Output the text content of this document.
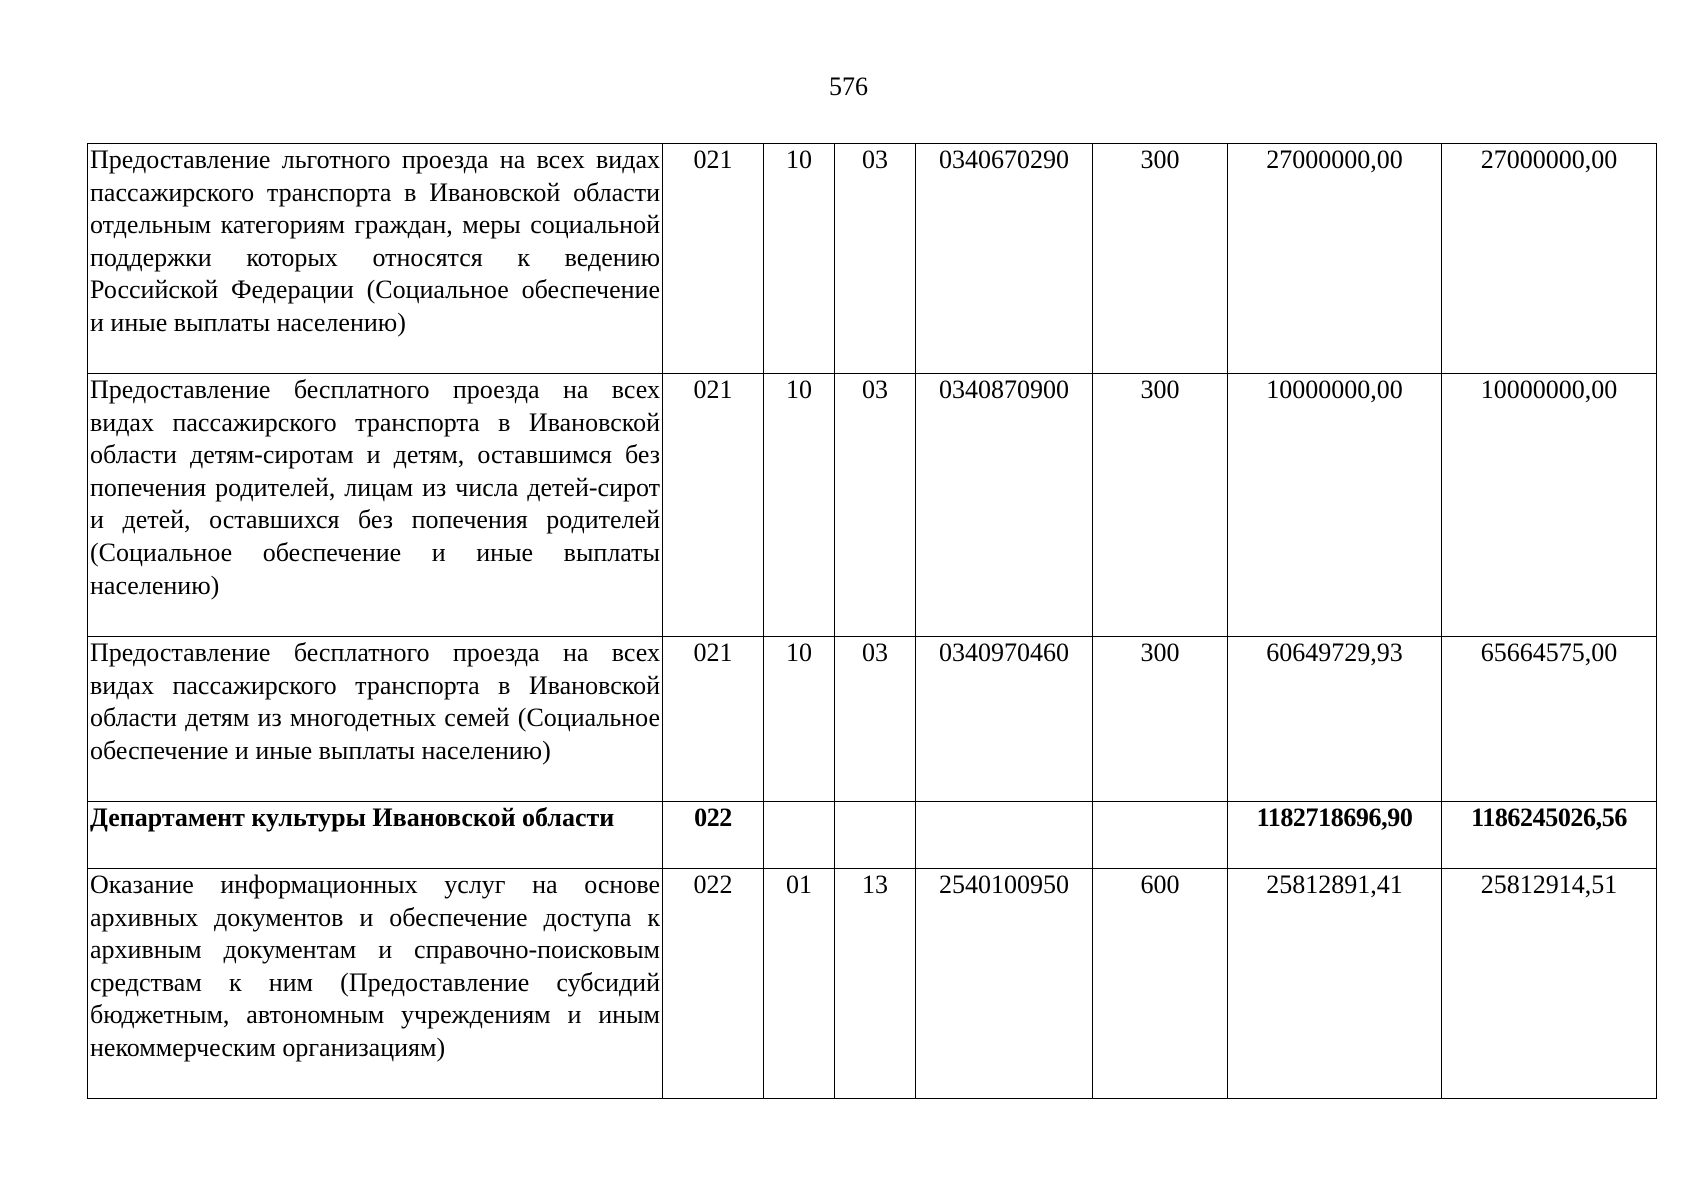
576
Предоставление льготного проезда на всех видах пассажирского транспорта в Ивановской области отдельным категориям граждан, меры социальной поддержки которых относятся к ведению Российской Федерации (Социальное обеспечение и иные выплаты населению)	021	10	03	0340670290	300	27000000,00	27000000,00

Предоставление бесплатного проезда на всех видах пассажирского транспорта в Ивановской области детям-сиротам и детям, оставшимся без попечения родителей, лицам из числа детей-сирот и детей, оставшихся без попечения родителей (Социальное обеспечение и иные выплаты населению)	021	10	03	0340870900	300	10000000,00	10000000,00

Предоставление бесплатного проезда на всех видах пассажирского транспорта в Ивановской области детям из многодетных семей (Социальное обеспечение и иные выплаты населению)	021	10	03	0340970460	300	60649729,93	65664575,00

Департамент культуры Ивановской области	022					1182718696,90	1186245026,56

Оказание информационных услуг на основе архивных документов и обеспечение доступа к архивным документам и справочно-поисковым средствам к ним (Предоставление субсидий бюджетным, автономным учреждениям и иным некоммерческим организациям)	022	01	13	2540100950	600	25812891,41	25812914,51
